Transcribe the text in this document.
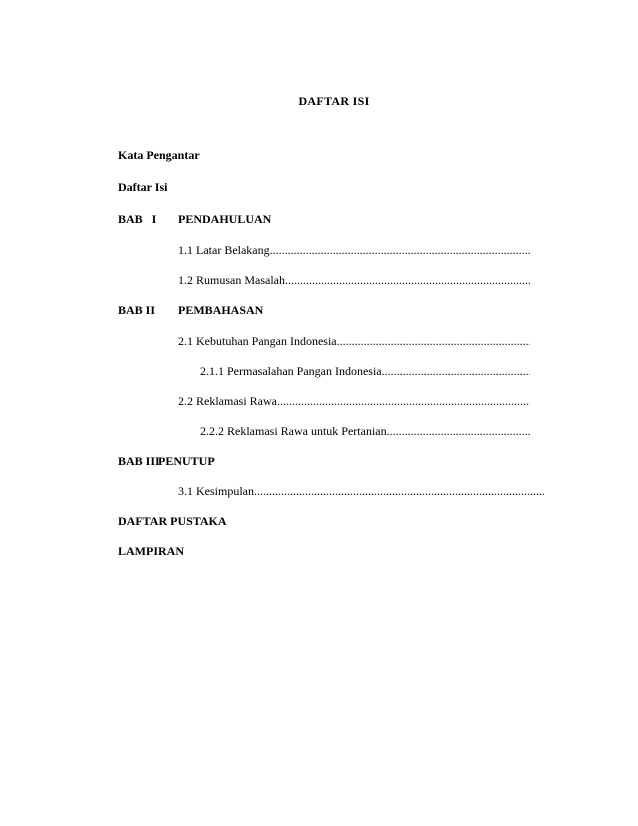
DAFTAR ISI
Kata Pengantar
Daftar Isi
BAB   I PENDAHULUAN
1.1 Latar Belakang
.....
1.2 Rumusan Masalah
.....
BAB II PEMBAHASAN
2.1 Kebutuhan Pangan Indonesia
.....
2.1.1 Permasalahan Pangan Indonesia
.....
2.2 Reklamasi Rawa
.....
2.2.2 Reklamasi Rawa untuk Pertanian
.....
BAB III
PENUTUP
3.1 Kesimpulan
.....
DAFTAR PUSTAKA
LAMPIRAN
